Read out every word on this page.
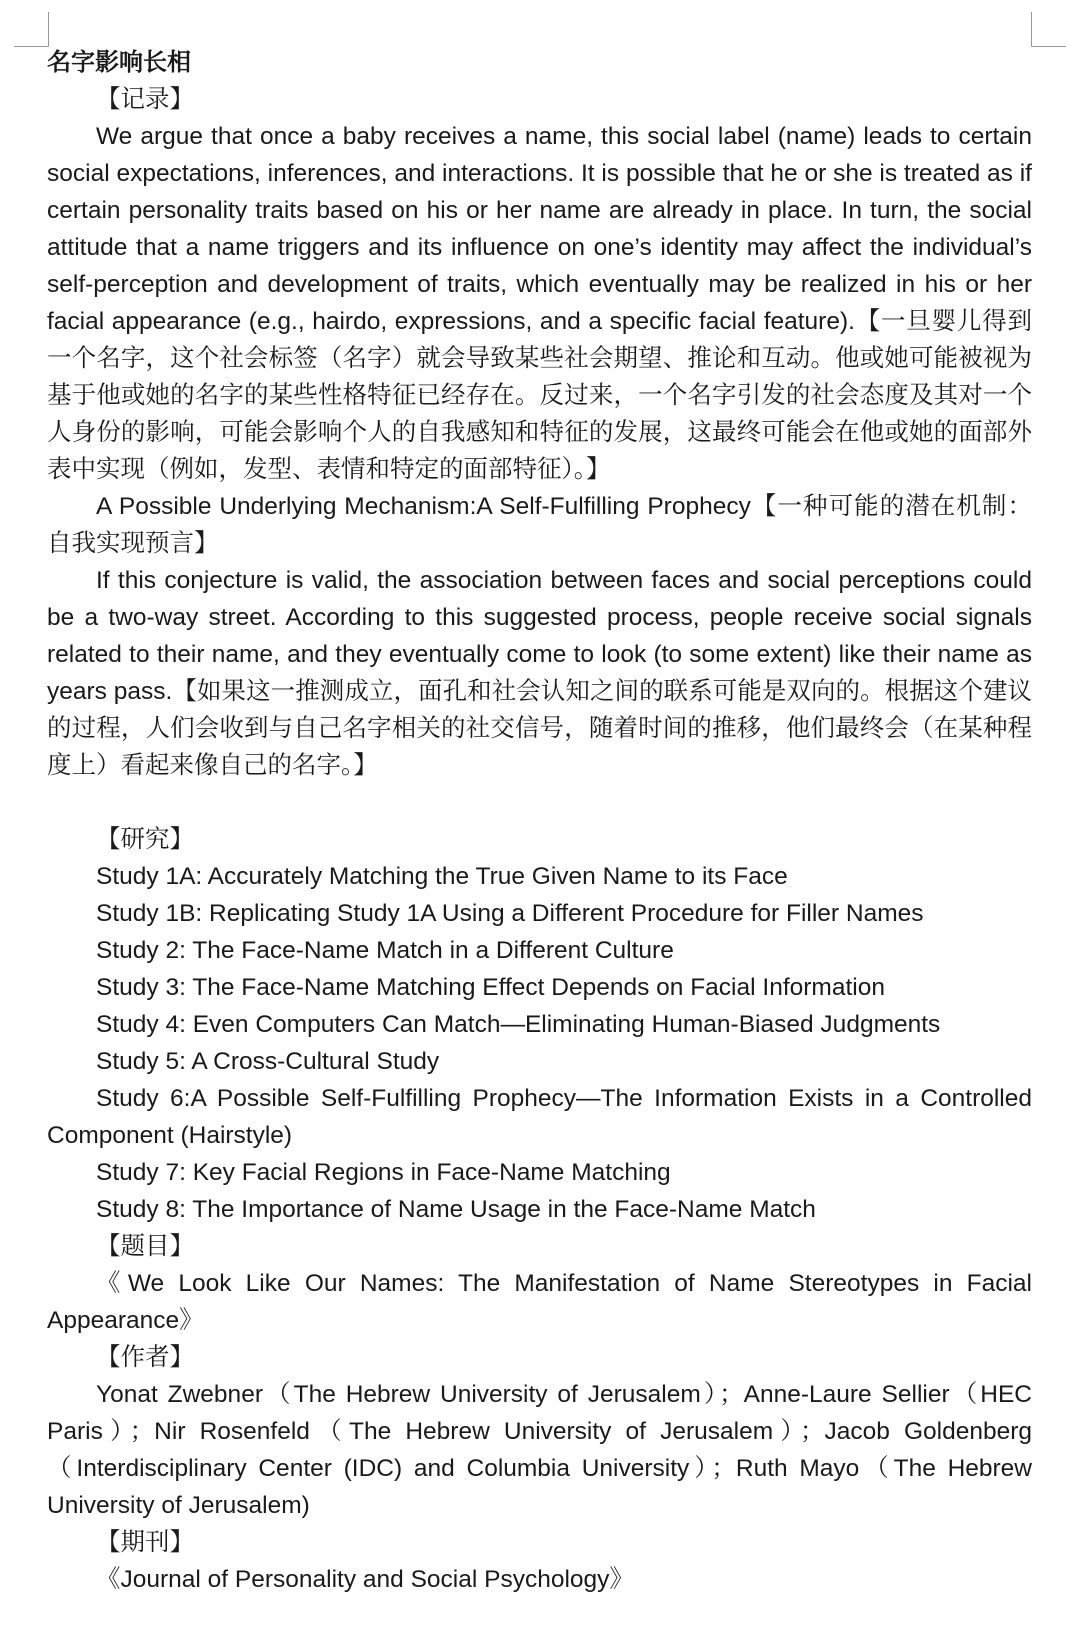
名字影响长相

【记录】

We argue that once a baby receives a name, this social label (name) leads to certain social expectations, inferences, and interactions. It is possible that he or she is treated as if certain personality traits based on his or her name are already in place. In turn, the social attitude that a name triggers and its influence on one’s identity may affect the individual’s self-perception and development of traits, which eventually may be realized in his or her facial appearance (e.g., hairdo, expressions, and a specific facial feature).【一旦婴儿得到一个名字，这个社会标签（名字）就会导致某些社会期望、推论和互动。他或她可能被视为基于他或她的名字的某些性格特征已经存在。反过来，一个名字引发的社会态度及其对一个人身份的影响，可能会影响个人的自我感知和特征的发展，这最终可能会在他或她的面部外表中实现（例如，发型、表情和特定的面部特征）。】

A Possible Underlying Mechanism:A Self-Fulfilling Prophecy【一种可能的潜在机制：自我实现预言】

If this conjecture is valid, the association between faces and social perceptions could be a two-way street. According to this suggested process, people receive social signals related to their name, and they eventually come to look (to some extent) like their name as years pass.【如果这一推测成立，面孔和社会认知之间的联系可能是双向的。根据这个建议的过程，人们会收到与自己名字相关的社交信号，随着时间的推移，他们最终会（在某种程度上）看起来像自己的名字。】

【研究】

Study 1A: Accurately Matching the True Given Name to its Face

Study 1B: Replicating Study 1A Using a Different Procedure for Filler Names

Study 2: The Face-Name Match in a Different Culture

Study 3: The Face-Name Matching Effect Depends on Facial Information

Study 4: Even Computers Can Match—Eliminating Human-Biased Judgments

Study 5: A Cross-Cultural Study

Study 6:A Possible Self-Fulfilling Prophecy—The Information Exists in a Controlled Component (Hairstyle)

Study 7: Key Facial Regions in Face-Name Matching

Study 8: The Importance of Name Usage in the Face-Name Match

【题目】

《We Look Like Our Names: The Manifestation of Name Stereotypes in Facial Appearance》

【作者】

Yonat Zwebner（The Hebrew University of Jerusalem）；Anne-Laure Sellier（HEC Paris）；Nir Rosenfeld（The Hebrew University of Jerusalem）；Jacob Goldenberg（Interdisciplinary Center (IDC) and Columbia University）；Ruth Mayo（The Hebrew University of Jerusalem)

【期刊】

《Journal of Personality and Social Psychology》
